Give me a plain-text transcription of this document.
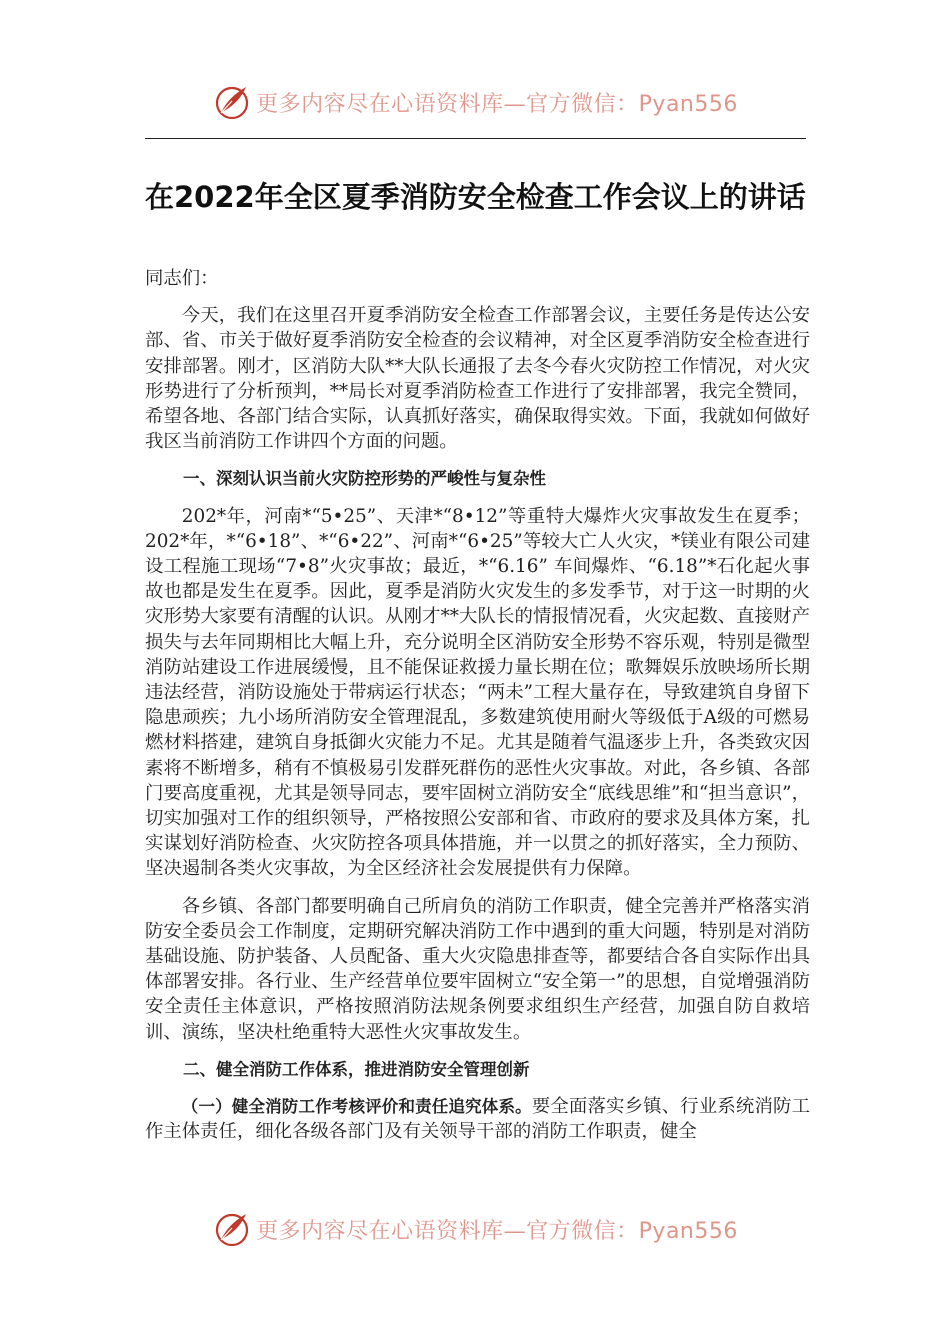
更多内容尽在心语资料库—官方微信：Pyan556
在2022年全区夏季消防安全检查工作会议上的讲话

同志们：

今天，我们在这里召开夏季消防安全检查工作部署会议，主要任务是传达公安部、省、市关于做好夏季消防安全检查的会议精神，对全区夏季消防安全检查进行安排部署。刚才，区消防大队**大队长通报了去冬今春火灾防控工作情况，对火灾形势进行了分析预判，**局长对夏季消防检查工作进行了安排部署，我完全赞同，希望各地、各部门结合实际，认真抓好落实，确保取得实效。下面，我就如何做好我区当前消防工作讲四个方面的问题。

一、深刻认识当前火灾防控形势的严峻性与复杂性

202*年，河南*“5•25”、天津*“8•12”等重特大爆炸火灾事故发生在夏季；202*年，*“6•18”、*“6•22”、河南*“6•25”等较大亡人火灾，*镁业有限公司建设工程施工现场“7•8”火灾事故；最近，*“6.16” 车间爆炸、“6.18”*石化起火事故也都是发生在夏季。因此，夏季是消防火灾发生的多发季节，对于这一时期的火灾形势大家要有清醒的认识。从刚才**大队长的情报情况看，火灾起数、直接财产损失与去年同期相比大幅上升，充分说明全区消防安全形势不容乐观，特别是微型消防站建设工作进展缓慢，且不能保证救援力量长期在位；歌舞娱乐放映场所长期违法经营，消防设施处于带病运行状态；“两未”工程大量存在，导致建筑自身留下隐患顽疾；九小场所消防安全管理混乱，多数建筑使用耐火等级低于A级的可燃易燃材料搭建，建筑自身抵御火灾能力不足。尤其是随着气温逐步上升，各类致灾因素将不断增多，稍有不慎极易引发群死群伤的恶性火灾事故。对此，各乡镇、各部门要高度重视，尤其是领导同志，要牢固树立消防安全“底线思维”和“担当意识”，切实加强对工作的组织领导，严格按照公安部和省、市政府的要求及具体方案，扎实谋划好消防检查、火灾防控各项具体措施，并一以贯之的抓好落实，全力预防、坚决遏制各类火灾事故，为全区经济社会发展提供有力保障。

各乡镇、各部门都要明确自己所肩负的消防工作职责，健全完善并严格落实消防安全委员会工作制度，定期研究解决消防工作中遇到的重大问题，特别是对消防基础设施、防护装备、人员配备、重大火灾隐患排查等，都要结合各自实际作出具体部署安排。各行业、生产经营单位要牢固树立“安全第一”的思想，自觉增强消防安全责任主体意识，严格按照消防法规条例要求组织生产经营，加强自防自救培训、演练，坚决杜绝重特大恶性火灾事故发生。

二、健全消防工作体系，推进消防安全管理创新

（一）健全消防工作考核评价和责任追究体系。要全面落实乡镇、行业系统消防工作主体责任，细化各级各部门及有关领导干部的消防工作职责，健全

更多内容尽在心语资料库—官方微信：Pyan556
